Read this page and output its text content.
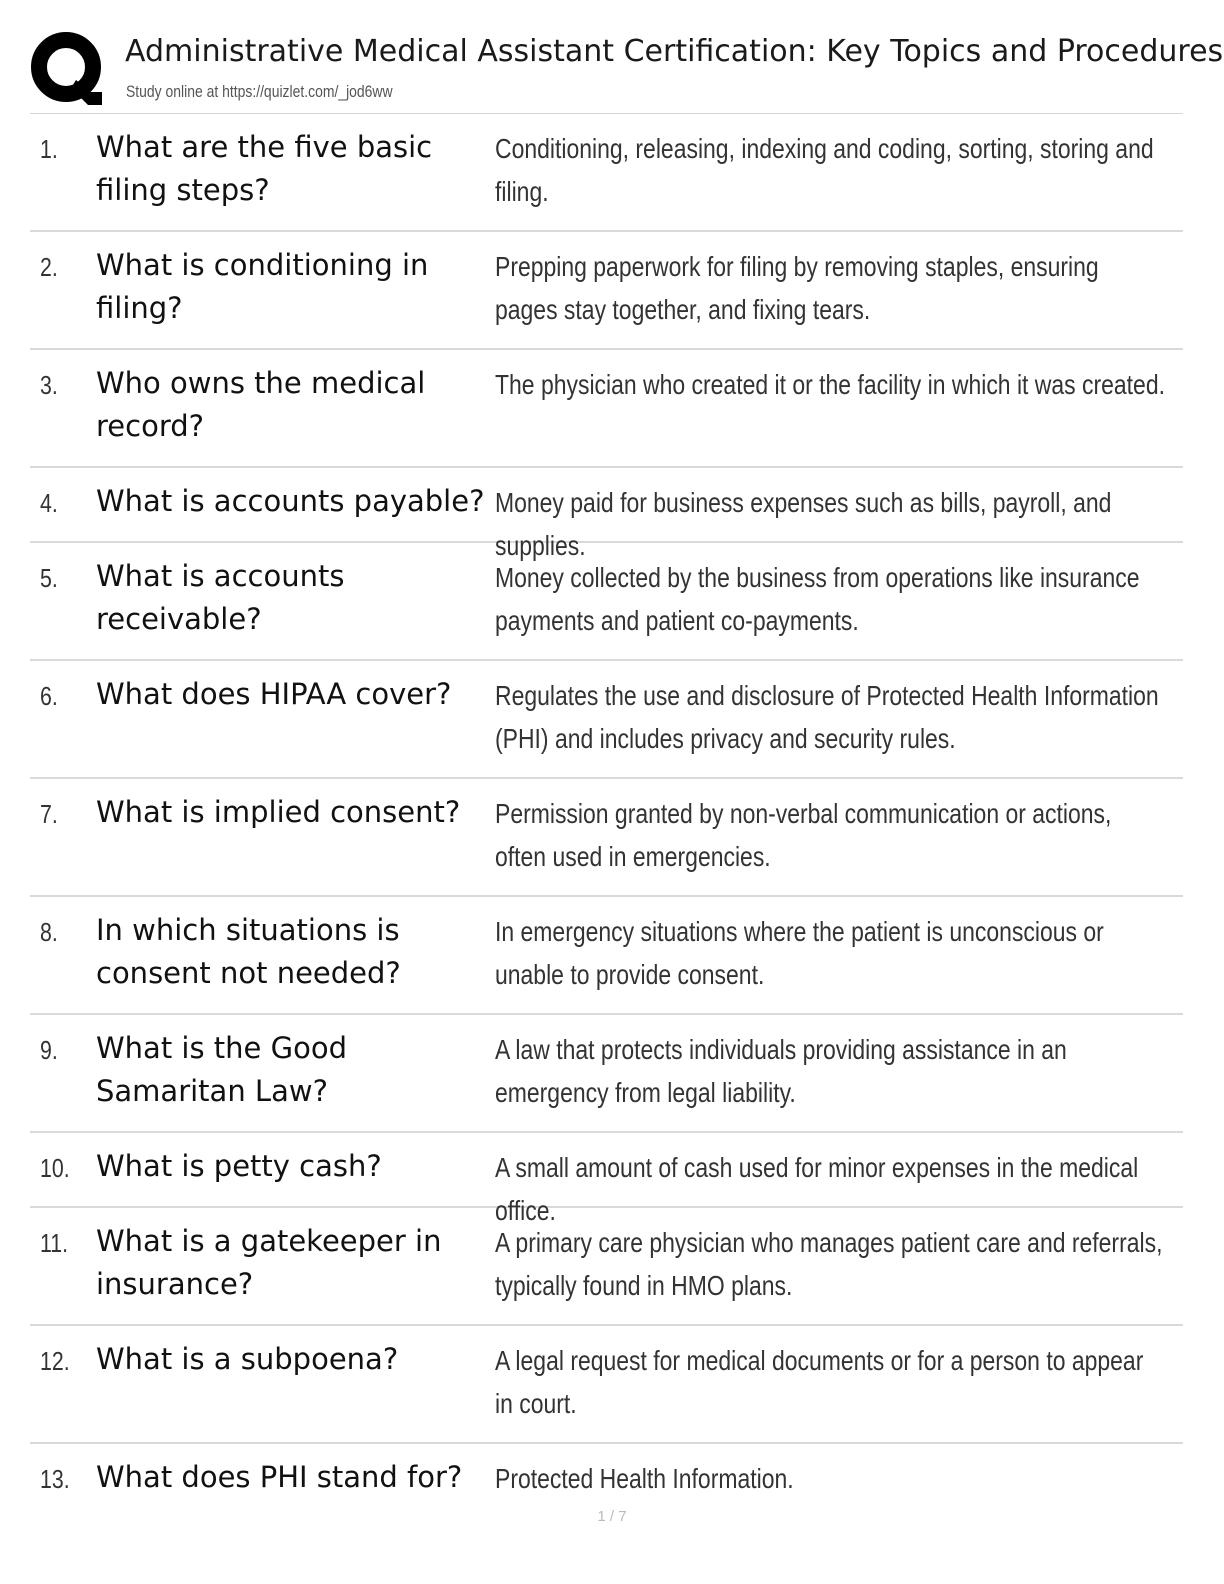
Administrative Medical Assistant Certification: Key Topics and Procedures
Study online at https://quizlet.com/_jod6ww
1. What are the five basic filing steps?
Conditioning, releasing, indexing and coding, sorting, storing and filing.
2. What is conditioning in filing?
Prepping paperwork for filing by removing staples, ensuring pages stay together, and fixing tears.
3. Who owns the medical record?
The physician who created it or the facility in which it was created.
4. What is accounts payable? Money paid for business expenses such as bills, payroll, and supplies.
5. What is accounts receivable?
Money collected by the business from operations like insurance payments and patient co-payments.
6. What does HIPAA cover?	Regulates the use and disclosure of Protected Health Information (PHI) and includes privacy and security rules.
7. What is implied consent?	Permission granted by non-verbal communication or actions, often used in emergencies.
8. In which situations is consent not needed?
In emergency situations where the patient is unconscious or unable to provide consent.
9. What is the Good Samaritan Law?
A law that protects individuals providing assistance in an emergency from legal liability.
10. What is petty cash?	A small amount of cash used for minor expenses in the medical office.
11. What is a gatekeeper in insurance?
A primary care physician who manages patient care and referrals, typically found in HMO plans.
12. What is a subpoena?	A legal request for medical documents or for a person to appear in court.
13. What does PHI stand for?	Protected Health Information.
1 / 7
